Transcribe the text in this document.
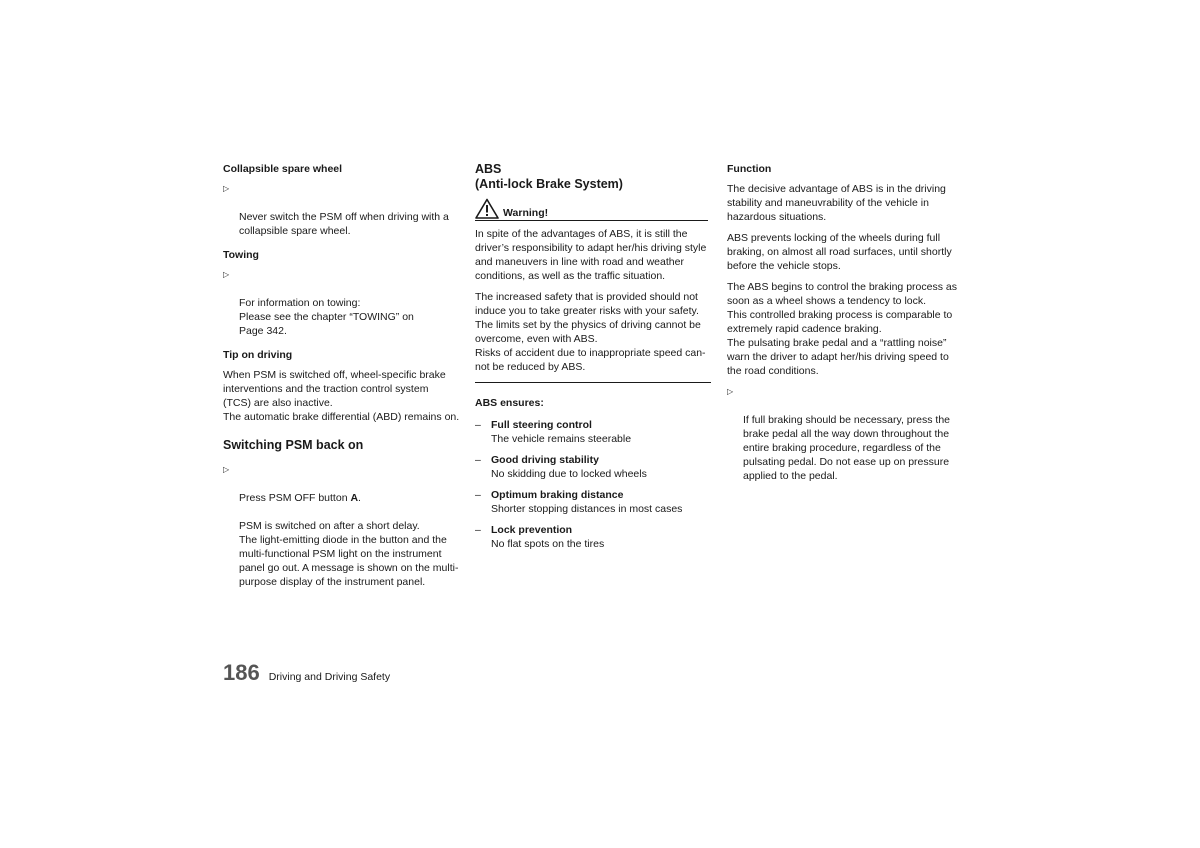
Collapsible spare wheel

▷

Never switch the PSM off when driving with a
collapsible spare wheel.

Towing

▷

For information on towing:
Please see the chapter “TOWING” on
Page 342.

Tip on driving

When PSM is switched off, wheel-specific brake
interventions and the traction control system
(TCS) are also inactive.
The automatic brake differential (ABD) remains on.

Switching PSM back on

▷

Press PSM OFF button A.

PSM is switched on after a short delay.
The light-emitting diode in the button and the
multi-functional PSM light on the instrument
panel go out. A message is shown on the multi-
purpose display of the instrument panel.

ABS
(Anti-lock Brake System)
Warning!

In spite of the advantages of ABS, it is still the
driver’s responsibility to adapt her/his driving style
and maneuvers in line with road and weather
conditions, as well as the traffic situation.

The increased safety that is provided should not
induce you to take greater risks with your safety.
The limits set by the physics of driving cannot be
overcome, even with ABS.
Risks of accident due to inappropriate speed can-
not be reduced by ABS.

ABS ensures:
– Full steering control
The vehicle remains steerable
– Good driving stability
No skidding due to locked wheels
– Optimum braking distance
Shorter stopping distances in most cases
– Lock prevention
No flat spots on the tires
Function

The decisive advantage of ABS is in the driving
stability and maneuvrability of the vehicle in
hazardous situations.

ABS prevents locking of the wheels during full
braking, on almost all road surfaces, until shortly
before the vehicle stops.

The ABS begins to control the braking process as
soon as a wheel shows a tendency to lock.
This controlled braking process is comparable to
extremely rapid cadence braking.
The pulsating brake pedal and a “rattling noise”
warn the driver to adapt her/his driving speed to
the road conditions.

▷

If full braking should be necessary, press the
brake pedal all the way down throughout the
entire braking procedure, regardless of the
pulsating pedal. Do not ease up on pressure
applied to the pedal.

186 Driving and Driving Safety
